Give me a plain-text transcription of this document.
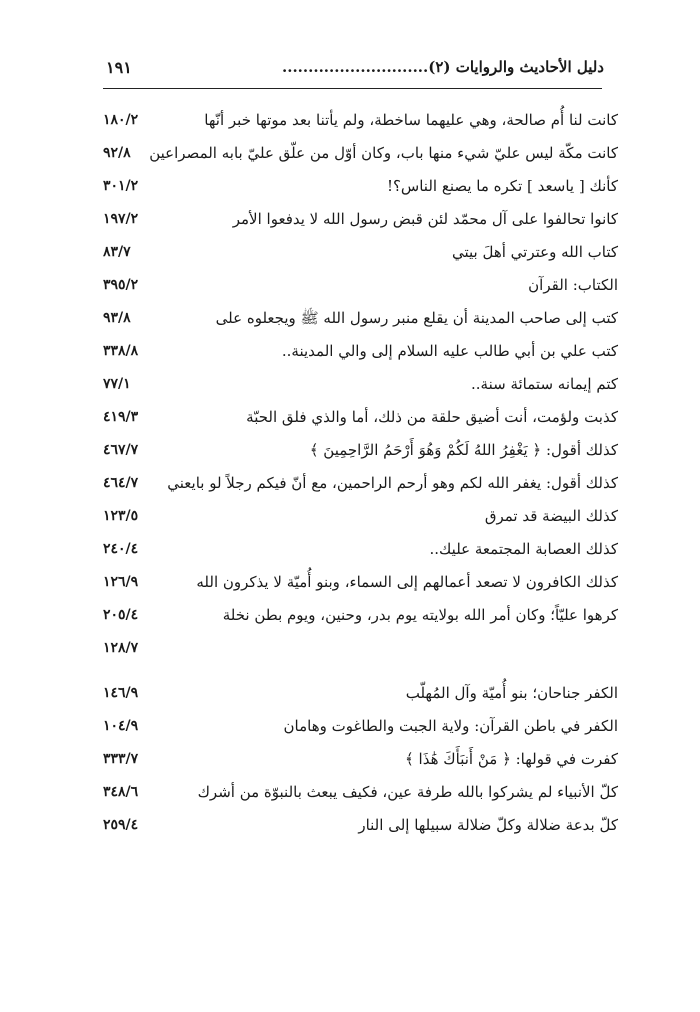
١٩١	دليل الأحاديث والروايات (٢)............................
كانت لنا أُم صالحة، وهي عليهما ساخطة، ولم يأتنا بعد موتها خبر أنّها
١٨٠/٢
كانت مكّة ليس عليّ شيء منها باب، وكان أوّل من علّق عليّ بابه المصراعين
٩٢/٨
كأنك [ ياسعد ] تكره ما يصنع الناس؟!
٣٠١/٢
كانوا تحالفوا على آل محمّد لئن قبض رسول الله لا يدفعوا الأمر
١٩٧/٢
كتاب الله وعترتي أهلَ بيتي
٨٣/٧
الكتاب: القرآن
٣٩٥/٢
كتب إلى صاحب المدينة أن يقلع منبر رسول الله ﷺ ويجعلوه على
٩٣/٨
كتب علي بن أبي طالب عليه السلام إلى والي المدينة..
٣٣٨/٨
كتم إيمانه ستمائة سنة..
٧٧/١
كذبت ولؤمت، أنت أضيق حلقة من ذلك، أما والذي فلق الحبّة
٤١٩/٣
كذلك أقول: ﴿ يَغْفِرُ اللهُ لَكُمْ وَهُوَ أَرْحَمُ الرَّاحِمِينَ ﴾
٤٦٧/٧
كذلك أقول: يغفر الله لكم وهو أرحم الراحمين، مع أنّ فيكم رجلاً لو بايعني
٤٦٤/٧
كذلك البيضة قد تمرق
١٢٣/٥
كذلك العصابة المجتمعة عليك..
٢٤٠/٤
كذلك الكافرون لا تصعد أعمالهم إلى السماء، وبنو أُميّة لا يذكرون الله
١٢٦/٩
كرهوا عليّاً؛ وكان أمر الله بولايته يوم بدر، وحنين، ويوم بطن نخلة
٢٠٥/٤
١٢٨/٧
الكفر جناحان؛ بنو أُميّة وآل المُهلّب
١٤٦/٩
الكفر في باطن القرآن: ولاية الجبت والطاغوت وهامان
١٠٤/٩
كفرت في قولها: ﴿ مَنْ أَنبَأَكَ هَٰذَا ﴾
٣٣٣/٧
كلّ الأنبياء لم يشركوا بالله طرفة عين، فكيف يبعث بالنبوّة من أشرك
٣٤٨/٦
كلّ بدعة ضلالة وكلّ ضلالة سبيلها إلى النار
٢٥٩/٤
